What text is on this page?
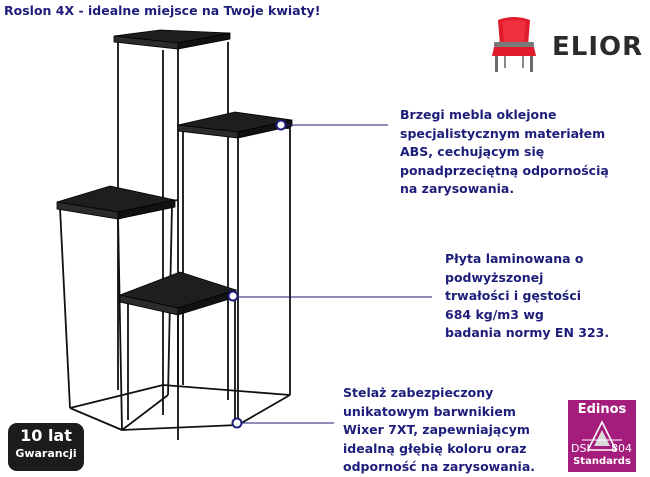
Roslon 4X - idealne miejsce na Twoje kwiaty!
ELIOR
Brzegi mebla oklejone
specjalistycznym materiałem
ABS, cechującym się
ponadprzeciętną odpornością
na zarysowania.
Płyta laminowana o
podwyższonej
trwałości i gęstości
684 kg/m3 wg
badania normy EN 323.
Stelaż zabezpieczony
unikatowym barwnikiem
Wixer 7XT, zapewniającym
idealną głębię koloru oraz
odporność na zarysowania.
10 lat
Gwarancji
Edinos
DSI 804
Standards
